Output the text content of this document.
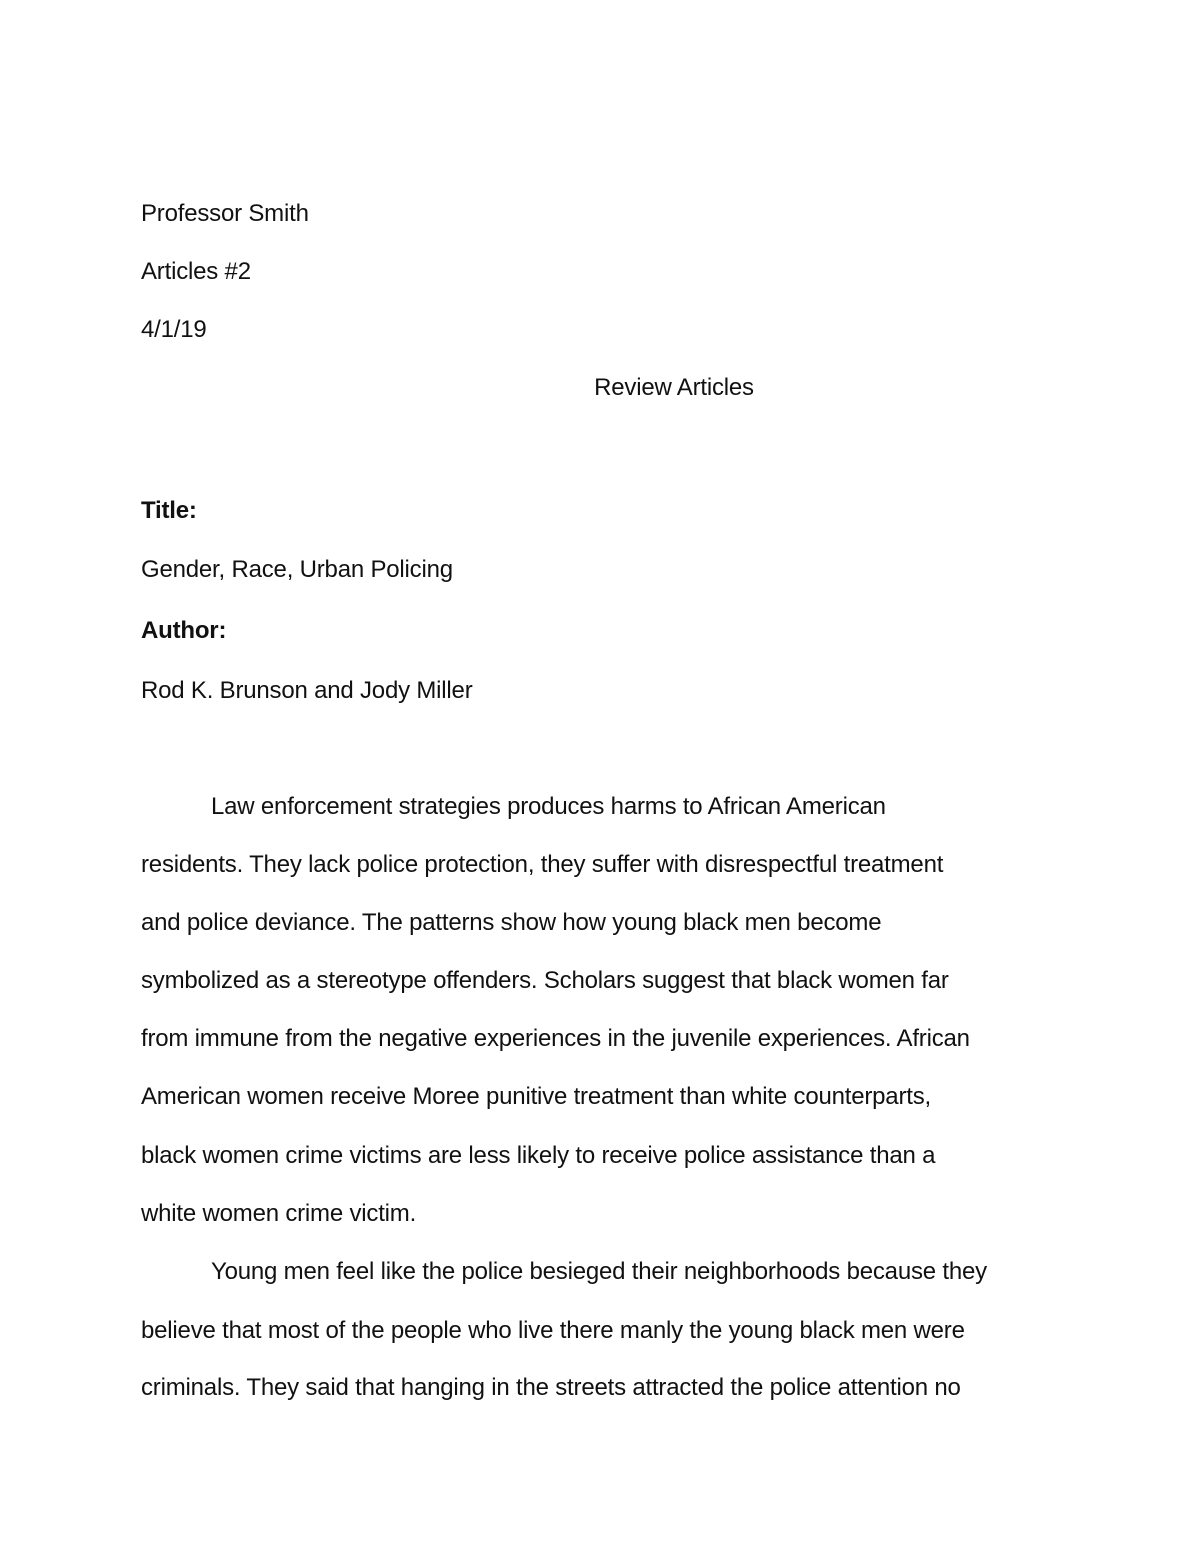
Professor Smith
Articles #2
4/1/19
Review Articles
Title:
Gender, Race, Urban Policing
Author:
Rod K. Brunson and Jody Miller
Law enforcement strategies produces harms to African American
residents. They lack police protection, they suffer with disrespectful treatment
and police deviance. The patterns show how young black men become
symbolized as a stereotype offenders. Scholars suggest that black women far
from immune from the negative experiences in the juvenile experiences. African
American women receive Moree punitive treatment than white counterparts,
black women crime victims are less likely to receive police assistance than a
white women crime victim.
Young men feel like the police besieged their neighborhoods because they
believe that most of the people who live there manly the young black men were
criminals. They said that hanging in the streets attracted the police attention no
